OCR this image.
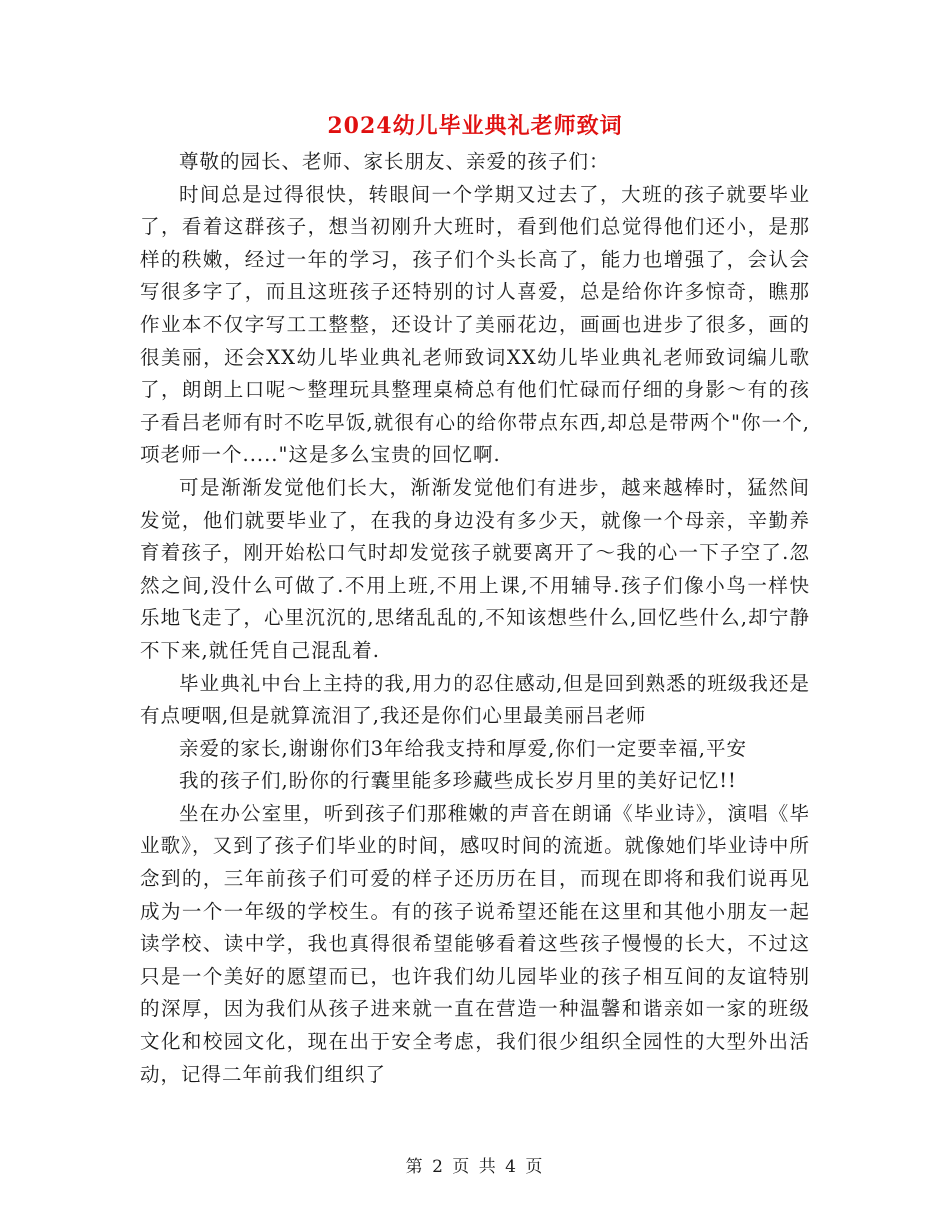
2024幼儿毕业典礼老师致词

尊敬的园长、老师、家长朋友、亲爱的孩子们：

时间总是过得很快，转眼间一个学期又过去了，大班的孩子就要毕业了，看着这群孩子，想当初刚升大班时，看到他们总觉得他们还小，是那样的秩嫩，经过一年的学习，孩子们个头长高了，能力也增强了，会认会写很多字了，而且这班孩子还特别的讨人喜爱，总是给你许多惊奇，瞧那作业本不仅字写工工整整，还设计了美丽花边，画画也进步了很多，画的很美丽，还会XX幼儿毕业典礼老师致词XX幼儿毕业典礼老师致词编儿歌了，朗朗上口呢～整理玩具整理桌椅总有他们忙碌而仔细的身影～有的孩子看吕老师有时不吃早饭,就很有心的给你带点东西,却总是带两个"你一个,项老师一个....."这是多么宝贵的回忆啊.

可是渐渐发觉他们长大，渐渐发觉他们有进步，越来越棒时，猛然间发觉，他们就要毕业了，在我的身边没有多少天，就像一个母亲，辛勤养育着孩子，刚开始松口气时却发觉孩子就要离开了～我的心一下子空了.忽然之间,没什么可做了.不用上班,不用上课,不用辅导.孩子们像小鸟一样快乐地飞走了，心里沉沉的,思绪乱乱的,不知该想些什么,回忆些什么,却宁静不下来,就任凭自己混乱着.

毕业典礼中台上主持的我,用力的忍住感动,但是回到熟悉的班级我还是有点哽咽,但是就算流泪了,我还是你们心里最美丽吕老师

亲爱的家长,谢谢你们3年给我支持和厚爱,你们一定要幸福,平安

我的孩子们,盼你的行囊里能多珍藏些成长岁月里的美好记忆!!

坐在办公室里，听到孩子们那稚嫩的声音在朗诵《毕业诗》，演唱《毕业歌》，又到了孩子们毕业的时间，感叹时间的流逝。就像她们毕业诗中所念到的，三年前孩子们可爱的样子还历历在目，而现在即将和我们说再见成为一个一年级的学校生。有的孩子说希望还能在这里和其他小朋友一起读学校、读中学，我也真得很希望能够看着这些孩子慢慢的长大，不过这只是一个美好的愿望而已，也许我们幼儿园毕业的孩子相互间的友谊特别的深厚，因为我们从孩子进来就一直在营造一种温馨和谐亲如一家的班级文化和校园文化，现在出于安全考虑，我们很少组织全园性的大型外出活动，记得二年前我们组织了

第 2 页 共 4 页
